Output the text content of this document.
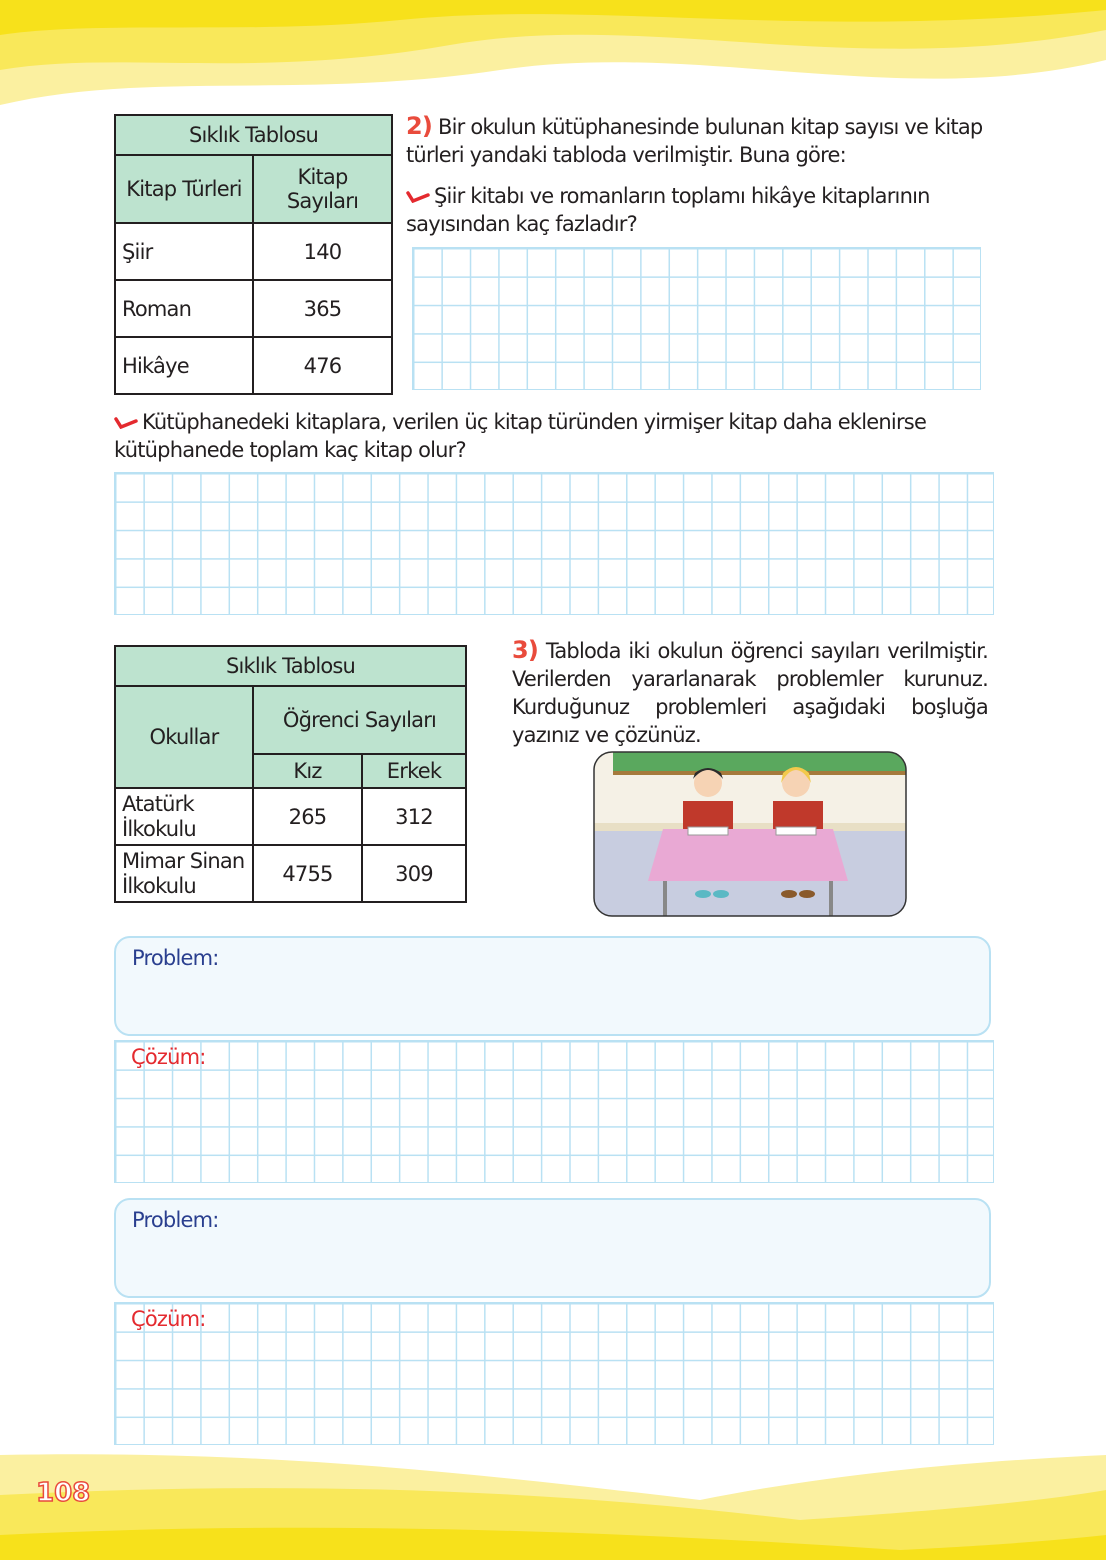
108
Sıklık Tablosu	
Kitap Türleri	Kitap Sayıları
Şiir	140
Roman	365
Hikâye	476
2) Bir okulun kütüphanesinde bulunan kitap sayısı ve kitap türleri yandaki tabloda verilmiştir. Buna göre:
Şiir kitabı ve romanların toplamı hikâye kitaplarının sayısından kaç fazladır?
Kütüphanedeki kitaplara, verilen üç kitap türünden yirmişer kitap daha eklenirse kütüphanede toplam kaç kitap olur?
Sıklık Tablosu		
Okullar	Öğrenci Sayıları	
	Kız	Erkek
Atatürk İlkokulu	265	312
Mimar Sinan İlkokulu	4755	309
3) Tabloda iki okulun öğrenci sayıları verilmiştir. Verilerden yararlanarak problemler kurunuz. Kurduğunuz problemleri aşağıdaki boşluğa yazınız ve çözünüz.
Problem:
Çözüm:
Problem:
Çözüm:
